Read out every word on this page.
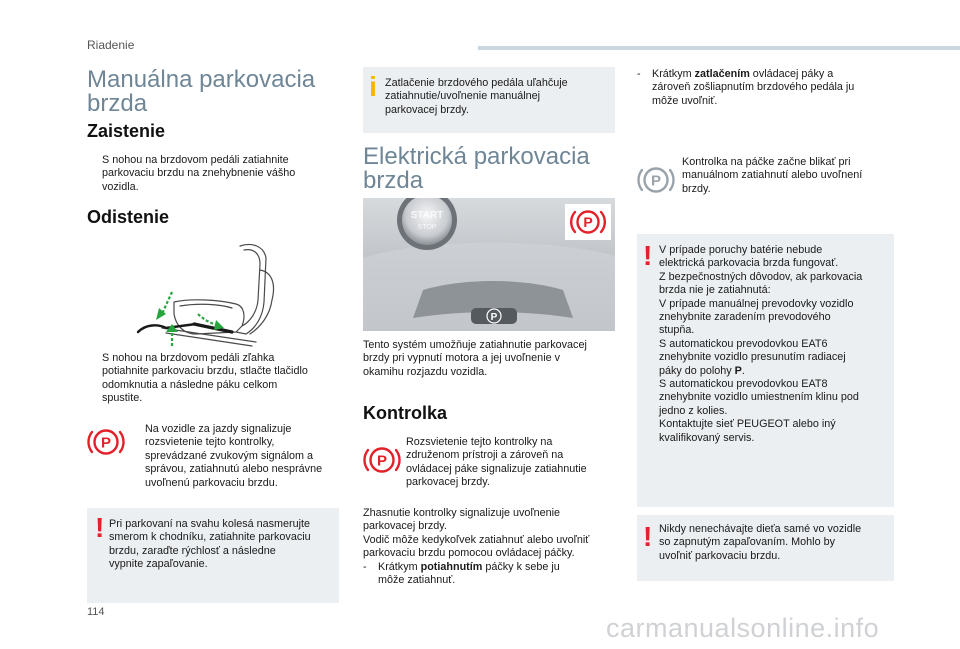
Riadenie
Manuálna parkovacia
brzda
Zaistenie
S nohou na brzdovom pedáli zatiahnite
parkovaciu brzdu na znehybnenie vášho
vozidla.
Odistenie
S nohou na brzdovom pedáli zľahka
potiahnite parkovaciu brzdu, stlačte tlačidlo
odomknutia a následne páku celkom
spustite.
P
Na vozidle za jazdy signalizuje
rozsvietenie tejto kontrolky,
sprevádzané zvukovým signálom a
správou, zatiahnutú alebo nesprávne
uvoľnenú parkovaciu brzdu.
! Pri parkovaní na svahu kolesá nasmerujte
smerom k chodníku, zatiahnite parkovaciu
brzdu, zaraďte rýchlosť a následne
vypnite zapaľovanie.
i Zatlačenie brzdového pedála uľahčuje
zatiahnutie/uvoľnenie manuálnej
parkovacej brzdy.
Elektrická parkovacia
brzda
START
STOP
P
P
Tento systém umožňuje zatiahnutie parkovacej
brzdy pri vypnutí motora a jej uvoľnenie v
okamihu rozjazdu vozidla.
Kontrolka
P
Rozsvietenie tejto kontrolky na
združenom prístroji a zároveň na
ovládacej páke signalizuje zatiahnutie
parkovacej brzdy.
Zhasnutie kontrolky signalizuje uvoľnenie
parkovacej brzdy.
Vodič môže kedykoľvek zatiahnuť alebo uvoľniť
parkovaciu brzdu pomocou ovládacej páčky.
-	Krátkym potiahnutím páčky k sebe ju
môže zatiahnuť.
-	Krátkym zatlačením ovládacej páky a
zároveň zošliapnutím brzdového pedála ju
môže uvoľniť.
P
Kontrolka na páčke začne blikať pri
manuálnom zatiahnutí alebo uvoľnení
brzdy.
! V prípade poruchy batérie nebude
elektrická parkovacia brzda fungovať.
Z bezpečnostných dôvodov, ak parkovacia
brzda nie je zatiahnutá:
V prípade manuálnej prevodovky vozidlo
znehybnite zaradením prevodového
stupňa.
S automatickou prevodovkou EAT6
znehybnite vozidlo presunutím radiacej
páky do polohy P.
S automatickou prevodovkou EAT8
znehybnite vozidlo umiestnením klinu pod
jedno z kolies.
Kontaktujte sieť PEUGEOT alebo iný
kvalifikovaný servis.
! Nikdy nenechávajte dieťa samé vo vozidle
so zapnutým zapaľovaním. Mohlo by
uvoľniť parkovaciu brzdu.
114
carmanualsonline.info
